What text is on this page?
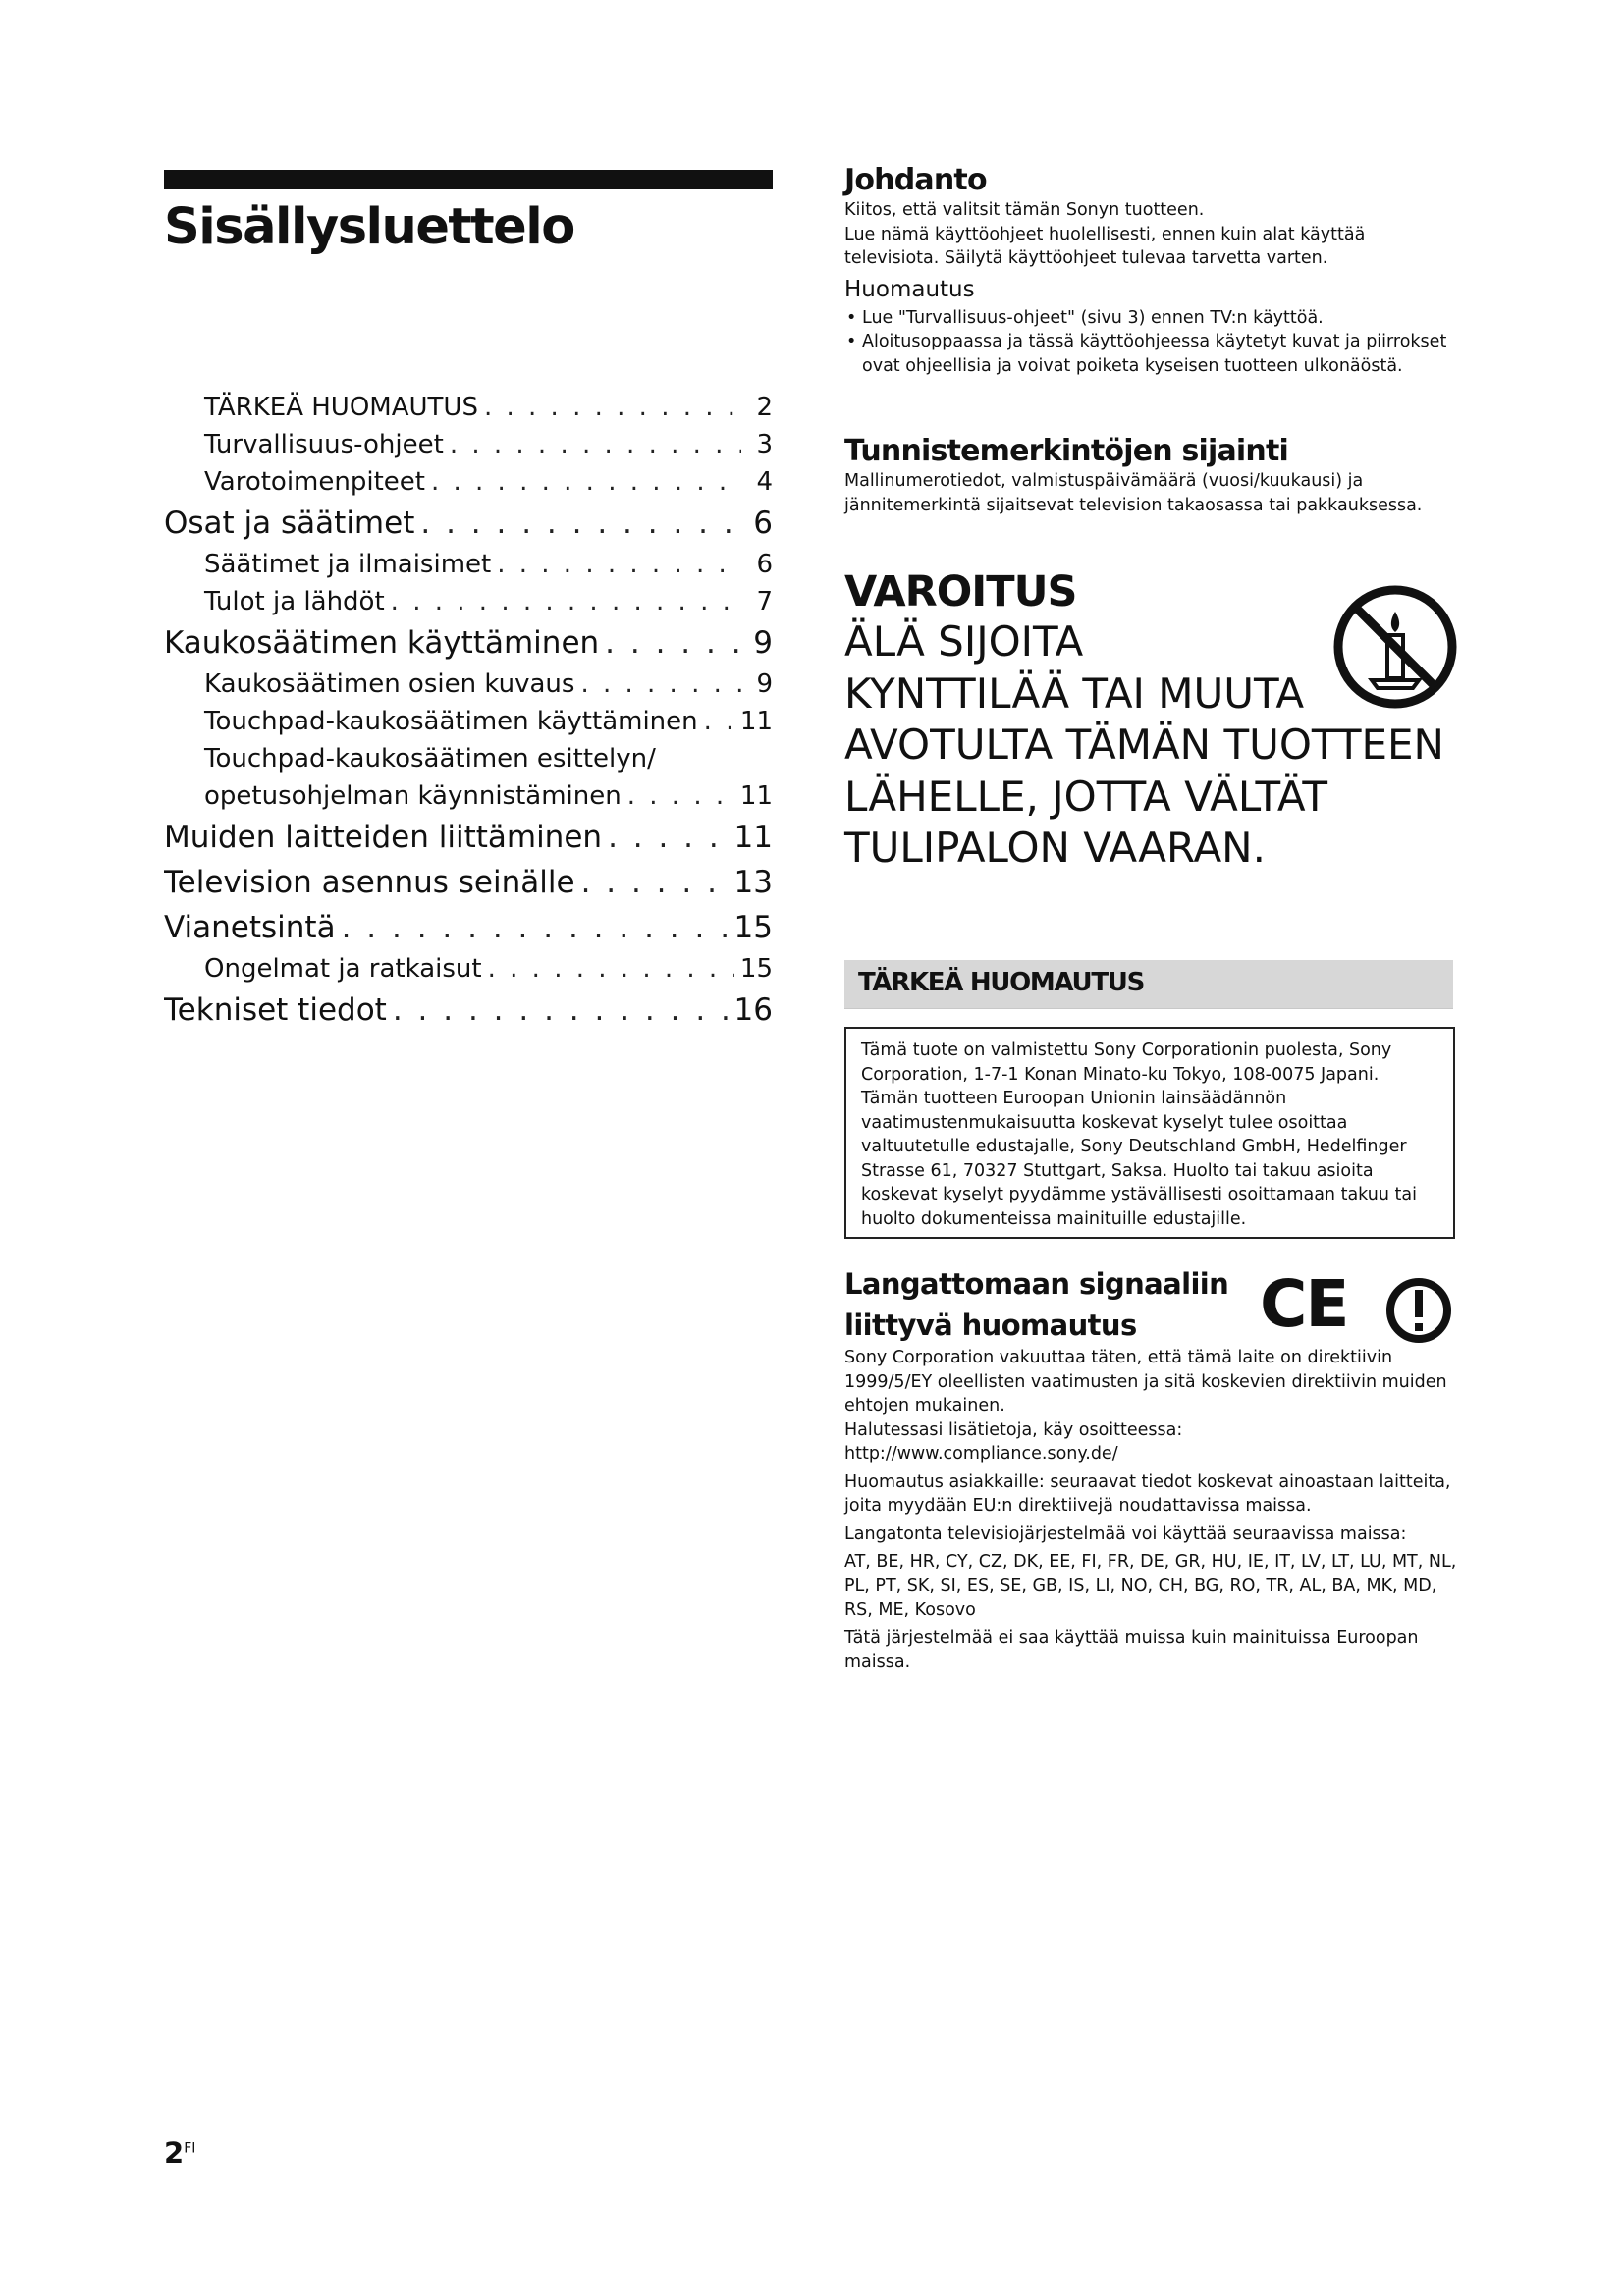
Sisällysluettelo
TÄRKEÄ HUOMAUTUS . . .	2
Turvallisuus-ohjeet . . .	3
Varotoimenpiteet . . .	4
Osat ja säätimet . . .	6
Säätimet ja ilmaisimet . . .	6
Tulot ja lähdöt . . .	7
Kaukosäätimen käyttäminen . . .	9
Kaukosäätimen osien kuvaus . . .	9
Touchpad-kaukosäätimen käyttäminen . . . 11
Touchpad-kaukosäätimen esittelyn/
opetusohjelman käynnistäminen . . .	11
Muiden laitteiden liittäminen . . .	11
Television asennus seinälle . . .	13
Vianetsintä . . .	15
Ongelmat ja ratkaisut . . .	15
Tekniset tiedot . . .	16
Johdanto

Kiitos, että valitsit tämän Sonyn tuotteen.
Lue nämä käyttöohjeet huolellisesti, ennen kuin alat käyttää televisiota. Säilytä käyttöohjeet tulevaa tarvetta varten.

Huomautus
• Lue "Turvallisuus-ohjeet" (sivu 3) ennen TV:n käyttöä.
• Aloitusoppaassa ja tässä käyttöohjeessa käytetyt kuvat ja piirrokset ovat ohjeellisia ja voivat poiketa kyseisen tuotteen ulkonäöstä.
Tunnistemerkintöjen sijainti

Mallinumerotiedot, valmistuspäivämäärä (vuosi/kuukausi) ja jännitemerkintä sijaitsevat television takaosassa tai pakkauksessa.

VAROITUS
ÄLÄ SIJOITA
KYNTTILÄÄ TAI MUUTA
AVOTULTA TÄMÄN TUOTTEEN
LÄHELLE, JOTTA VÄLTÄT
TULIPALON VAARAN.
TÄRKEÄ HUOMAUTUS

Tämä tuote on valmistettu Sony Corporationin puolesta, Sony Corporation, 1-7-1 Konan Minato-ku Tokyo, 108-0075 Japani. Tämän tuotteen Euroopan Unionin lainsäädännön vaatimustenmukaisuutta koskevat kyselyt tulee osoittaa valtuutetulle edustajalle, Sony Deutschland GmbH, Hedelfinger Strasse 61, 70327 Stuttgart, Saksa. Huolto tai takuu asioita koskevat kyselyt pyydämme ystävällisesti osoittamaan takuu tai huolto dokumenteissa mainituille edustajille.

Langattomaan signaaliin
liittyvä huomautus

Sony Corporation vakuuttaa täten, että tämä laite on direktiivin 1999/5/EY oleellisten vaatimusten ja sitä koskevien direktiivin muiden ehtojen mukainen.
Halutessasi lisätietoja, käy osoitteessa:
http://www.compliance.sony.de/

Huomautus asiakkaille: seuraavat tiedot koskevat ainoastaan laitteita, joita myydään EU:n direktiivejä noudattavissa maissa.

Langatonta televisiojärjestelmää voi käyttää seuraavissa maissa:

AT, BE, HR, CY, CZ, DK, EE, FI, FR, DE, GR, HU, IE, IT, LV, LT, LU, MT, NL, PL, PT, SK, SI, ES, SE, GB, IS, LI, NO, CH, BG, RO, TR, AL, BA, MK, MD, RS, ME, Kosovo

Tätä järjestelmää ei saa käyttää muissa kuin mainituissa Euroopan maissa.

CE
$2^{FI}$
